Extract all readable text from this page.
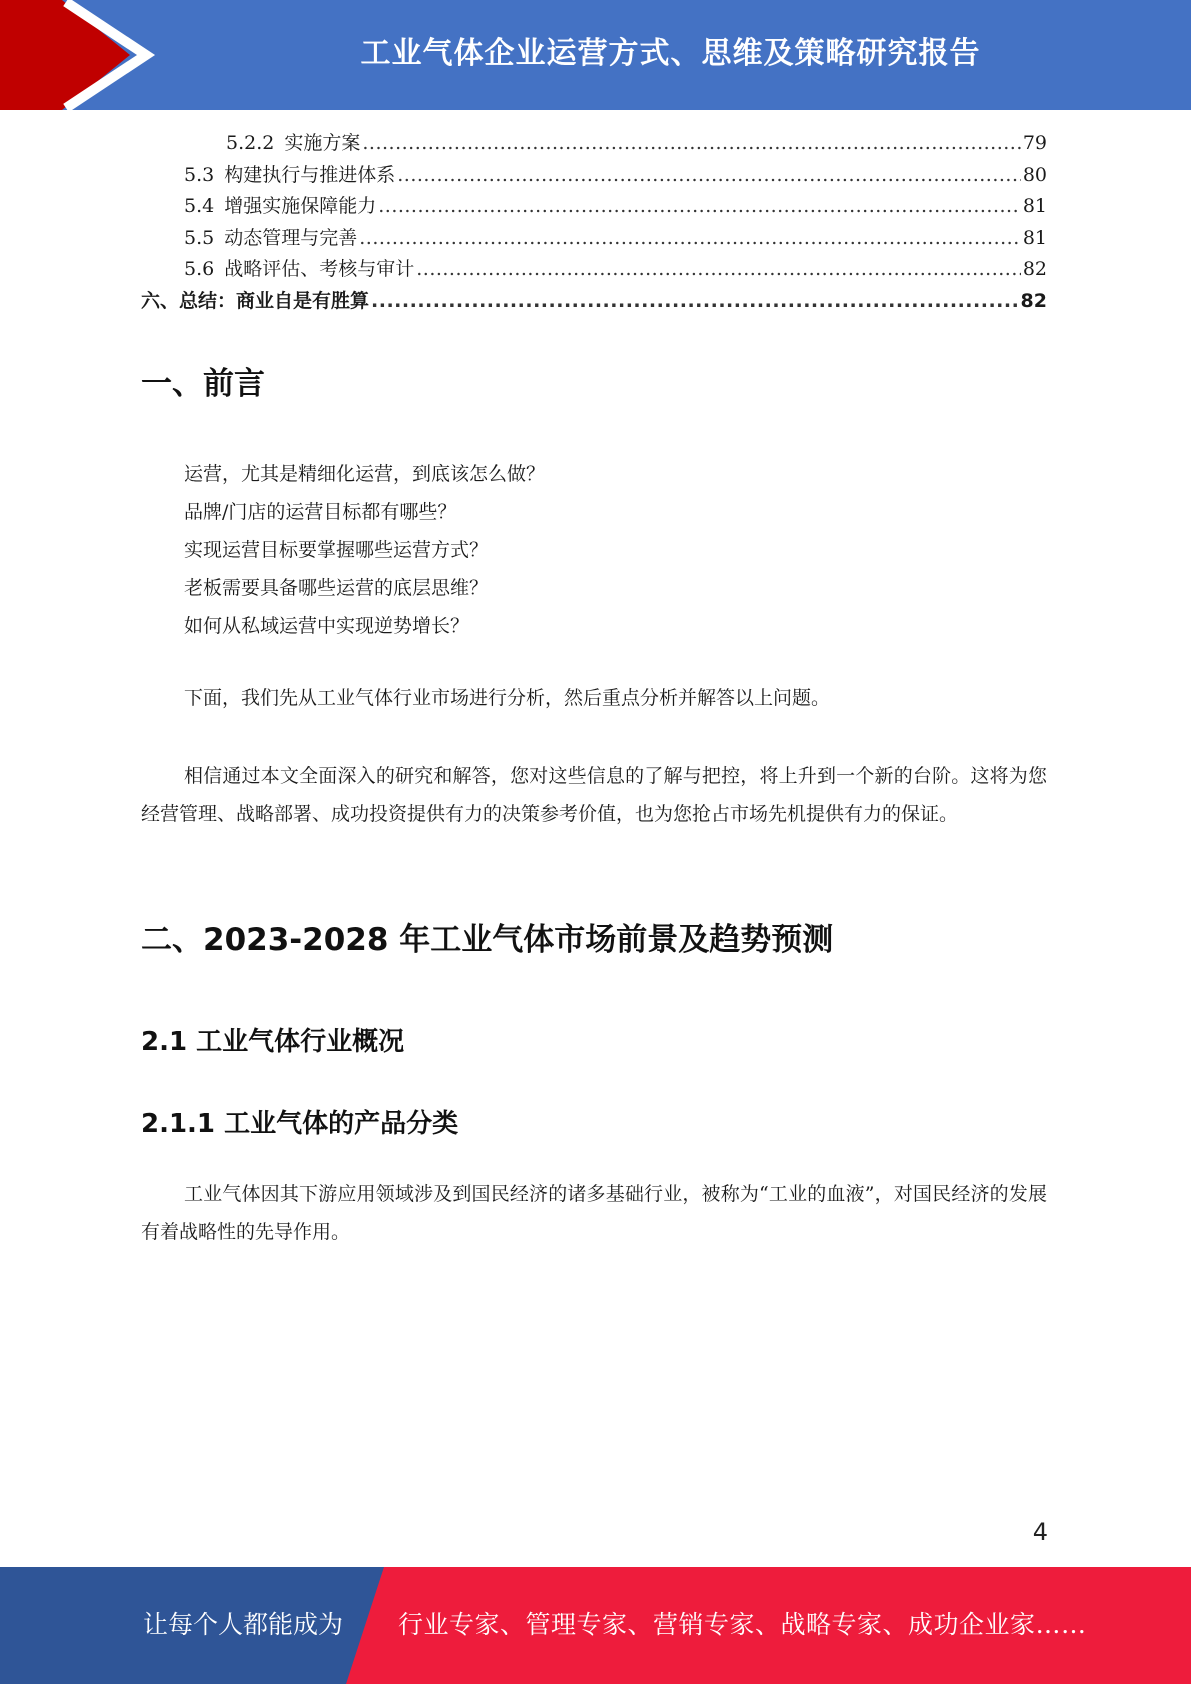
工业气体企业运营方式、思维及策略研究报告
5.2.2 实施方案 .....	79
5.3 构建执行与推进体系 .....	80
5.4 增强实施保障能力 .....	81
5.5 动态管理与完善 .....	81
5.6 战略评估、考核与审计 .....	82
六、总结：商业自是有胜算 .....	82
一、前言
运营，尤其是精细化运营，到底该怎么做？
品牌/门店的运营目标都有哪些？
实现运营目标要掌握哪些运营方式？
老板需要具备哪些运营的底层思维？
如何从私域运营中实现逆势增长？
下面，我们先从工业气体行业市场进行分析，然后重点分析并解答以上问题。
相信通过本文全面深入的研究和解答，您对这些信息的了解与把控，将上升到一个新的台阶。这将为您经营管理、战略部署、成功投资提供有力的决策参考价值，也为您抢占市场先机提供有力的保证。
二、2023-2028 年工业气体市场前景及趋势预测
2.1 工业气体行业概况
2.1.1 工业气体的产品分类
工业气体因其下游应用领域涉及到国民经济的诸多基础行业，被称为“工业的血液”，对国民经济的发展有着战略性的先导作用。
4
让每个人都能成为 行业专家、管理专家、营销专家、战略专家、成功企业家……
